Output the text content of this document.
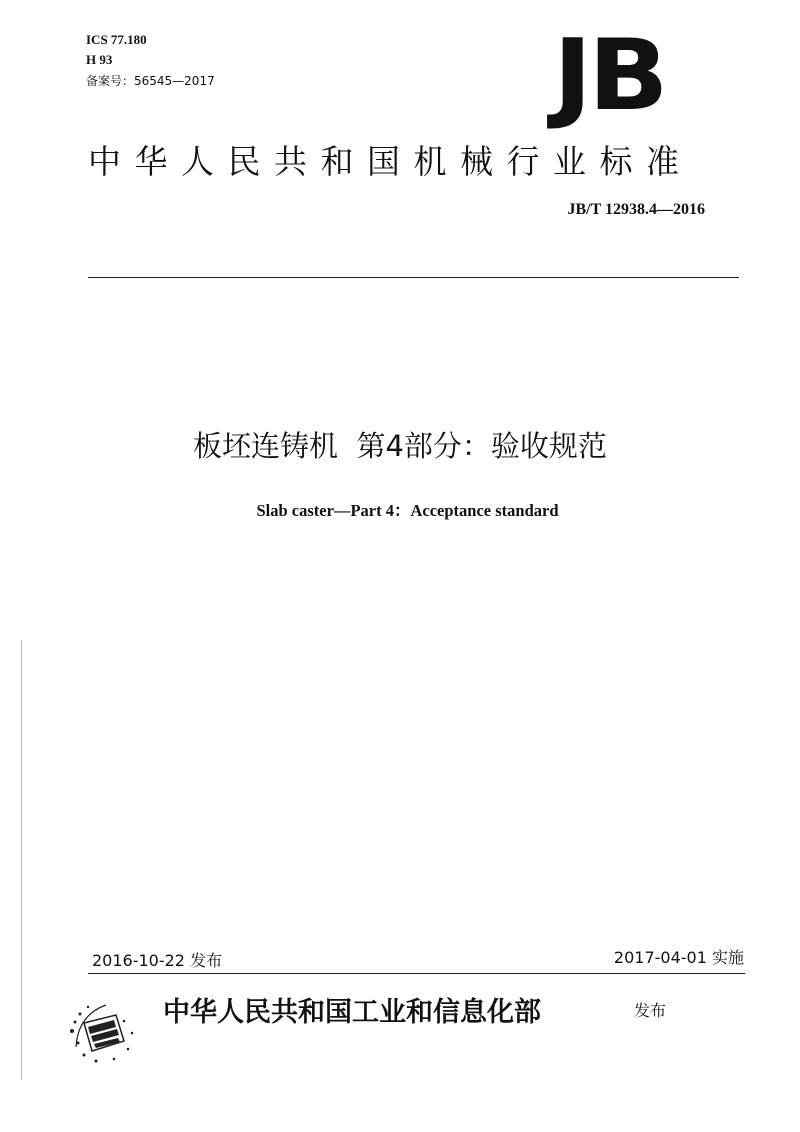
ICS 77.180
H 93
备案号：56545—2017	JB
中华人民共和国机械行业标准
JB/T 12938.4—2016
板坯连铸机  第4部分：验收规范
Slab caster—Part 4：Acceptance standard
2016-10-22 发布	2017-04-01 实施
中华人民共和国工业和信息化部	发布
